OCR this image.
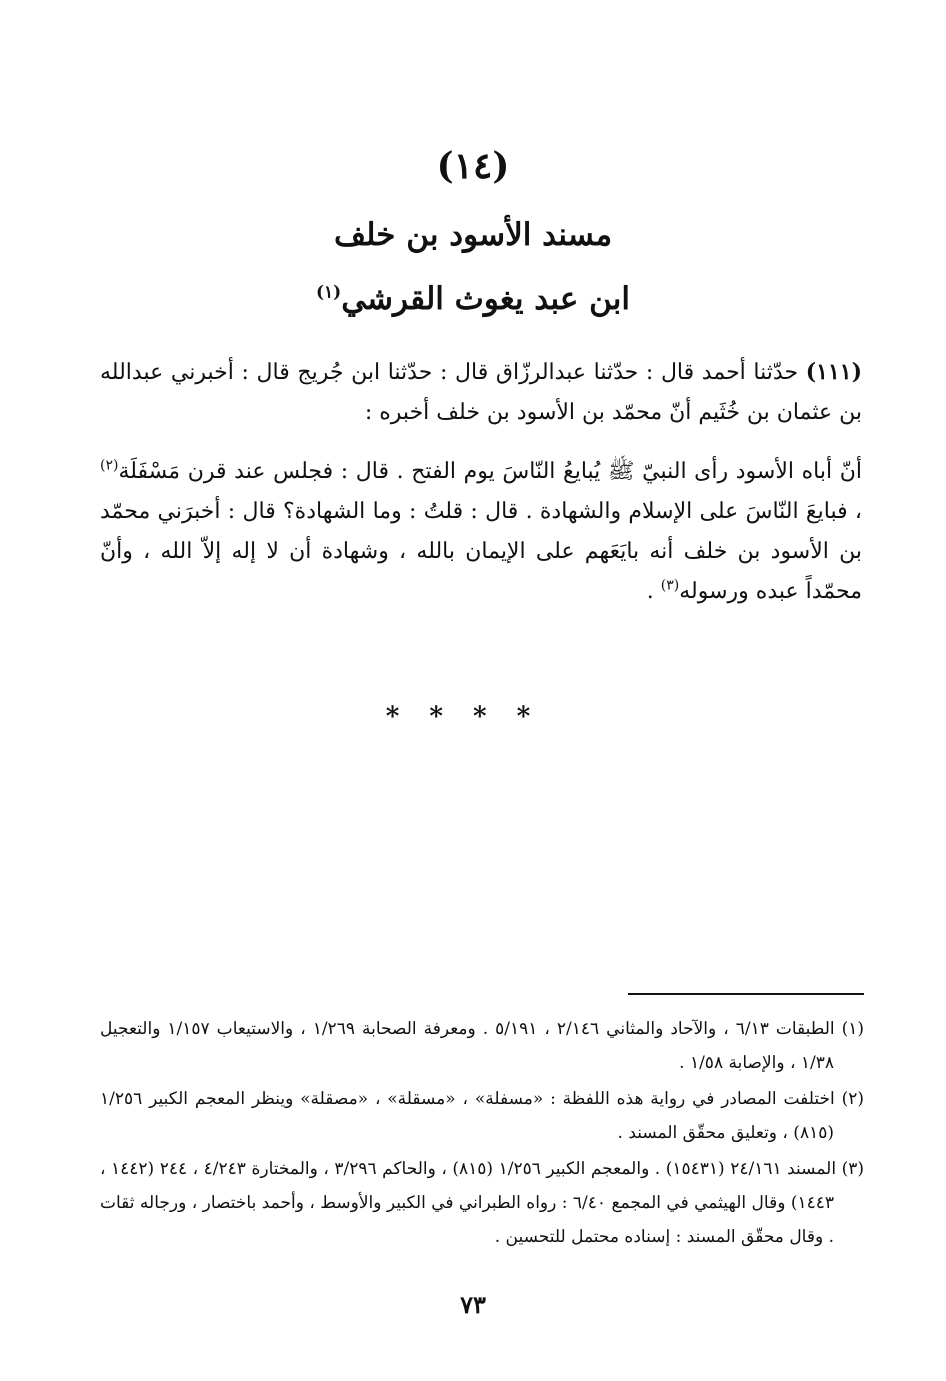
(١٤)
مسند الأسود بن خلف
ابن عبد يغوث القرشي$^{(١)}$
(١١١) حدّثنا أحمد قال : حدّثنا عبدالرزّاق قال : حدّثنا ابن جُريج قال : أخبرني عبدالله بن عثمان بن خُثَيم أنّ محمّد بن الأسود بن خلف أخبره :
أنّ أباه الأسود رأى النبيّ ﷺ يُبايعُ النّاسَ يوم الفتح . قال : فجلس عند قرن مَسْفَلَة$^{(٢)}$ ، فبايعَ النّاسَ على الإسلام والشهادة . قال : قلتُ : وما الشهادة؟ قال : أخبرَني محمّد بن الأسود بن خلف أنه بايَعَهم على الإيمان بالله ، وشهادة أن لا إله إلاّ الله ، وأنّ محمّداً عبده ورسوله$^{(٣)}$ .
****

(١) الطبقات ٦/١٣ ، والآحاد والمثاني ٢/١٤٦ ، ٥/١٩١ . ومعرفة الصحابة ١/٢٦٩ ، والاستيعاب ١/١٥٧ والتعجيل ١/٣٨ ، والإصابة ١/٥٨ .

(٢) اختلفت المصادر في رواية هذه اللفظة : «مسفلة» ، «مسقلة» ، «مصقلة» وينظر المعجم الكبير ١/٢٥٦ (٨١٥) ، وتعليق محقّق المسند .

(٣) المسند ٢٤/١٦١ (١٥٤٣١) . والمعجم الكبير ١/٢٥٦ (٨١٥) ، والحاكم ٣/٢٩٦ ، والمختارة ٤/٢٤٣ ، ٢٤٤ (١٤٤٢ ، ١٤٤٣) وقال الهيثمي في المجمع ٦/٤٠ : رواه الطبراني في الكبير والأوسط ، وأحمد باختصار ، ورجاله ثقات . وقال محقّق المسند : إسناده محتمل للتحسين .

٧٣
